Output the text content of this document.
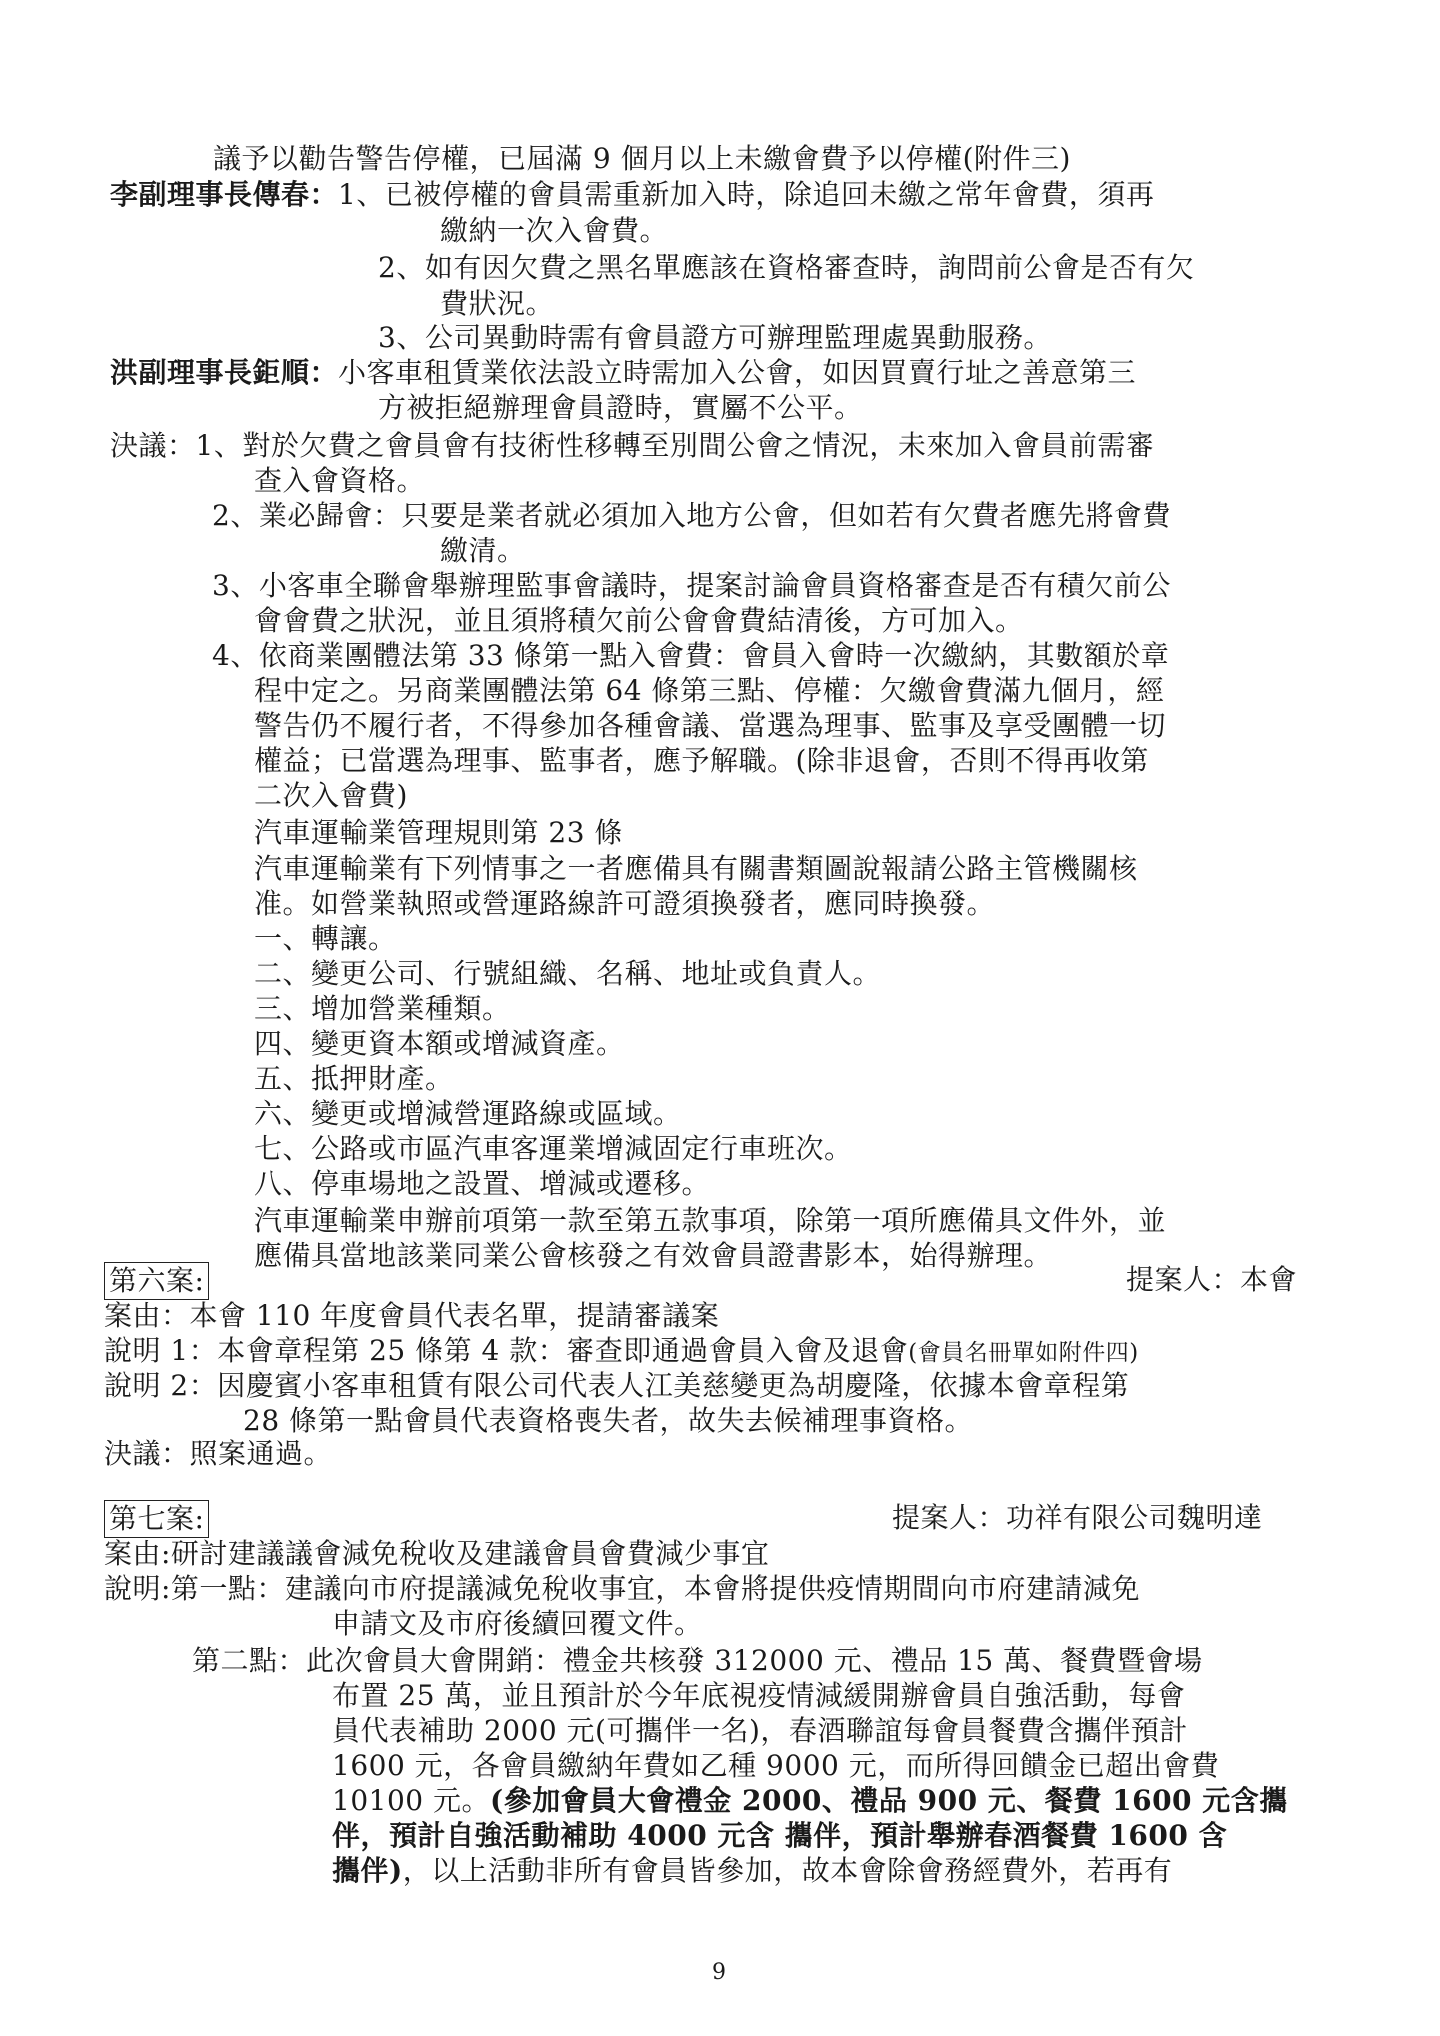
議予以勸告警告停權，已屆滿 9 個月以上未繳會費予以停權(附件三)
李副理事長傳春：1、已被停權的會員需重新加入時，除追回未繳之常年會費，須再
繳納一次入會費。
2、如有因欠費之黑名單應該在資格審查時，詢問前公會是否有欠
費狀況。
3、公司異動時需有會員證方可辦理監理處異動服務。
洪副理事長鉅順：小客車租賃業依法設立時需加入公會，如因買賣行址之善意第三
方被拒絕辦理會員證時，實屬不公平。
決議：1、對於欠費之會員會有技術性移轉至別間公會之情況，未來加入會員前需審
查入會資格。
2、業必歸會：只要是業者就必須加入地方公會，但如若有欠費者應先將會費
繳清。
3、小客車全聯會舉辦理監事會議時，提案討論會員資格審查是否有積欠前公
會會費之狀況，並且須將積欠前公會會費結清後，方可加入。
4、依商業團體法第 33 條第一點入會費：會員入會時一次繳納，其數額於章
程中定之。另商業團體法第 64 條第三點、停權：欠繳會費滿九個月，經
警告仍不履行者，不得參加各種會議、當選為理事、監事及享受團體一切
權益；已當選為理事、監事者，應予解職。(除非退會，否則不得再收第
二次入會費)
汽車運輸業管理規則第 23 條
汽車運輸業有下列情事之一者應備具有關書類圖說報請公路主管機關核
准。如營業執照或營運路線許可證須換發者，應同時換發。
一、轉讓。
二、變更公司、行號組織、名稱、地址或負責人。
三、增加營業種類。
四、變更資本額或增減資產。
五、抵押財產。
六、變更或增減營運路線或區域。
七、公路或市區汽車客運業增減固定行車班次。
八、停車場地之設置、增減或遷移。
汽車運輸業申辦前項第一款至第五款事項，除第一項所應備具文件外，並
應備具當地該業同業公會核發之有效會員證書影本，始得辦理。
第六案:	提案人：本會
案由：本會 110 年度會員代表名單，提請審議案
說明 1：本會章程第 25 條第 4 款：審查即通過會員入會及退會(會員名冊單如附件四)
說明 2：因慶賓小客車租賃有限公司代表人江美慈變更為胡慶隆，依據本會章程第
28 條第一點會員代表資格喪失者，故失去候補理事資格。
決議：照案通過。
第七案:	提案人：功祥有限公司魏明達
案由:研討建議議會減免稅收及建議會員會費減少事宜
說明:第一點：建議向市府提議減免稅收事宜，本會將提供疫情期間向市府建請減免
申請文及市府後續回覆文件。
第二點：此次會員大會開銷：禮金共核發 312000 元、禮品 15 萬、餐費暨會場
布置 25 萬，並且預計於今年底視疫情減緩開辦會員自強活動，每會
員代表補助 2000 元(可攜伴一名)，春酒聯誼每會員餐費含攜伴預計
1600 元，各會員繳納年費如乙種 9000 元，而所得回饋金已超出會費
10100 元。(參加會員大會禮金 2000、禮品 900 元、餐費 1600 元含攜
伴，預計自強活動補助 4000 元含 攜伴，預計舉辦春酒餐費 1600 含
攜伴)，以上活動非所有會員皆參加，故本會除會務經費外，若再有
9
